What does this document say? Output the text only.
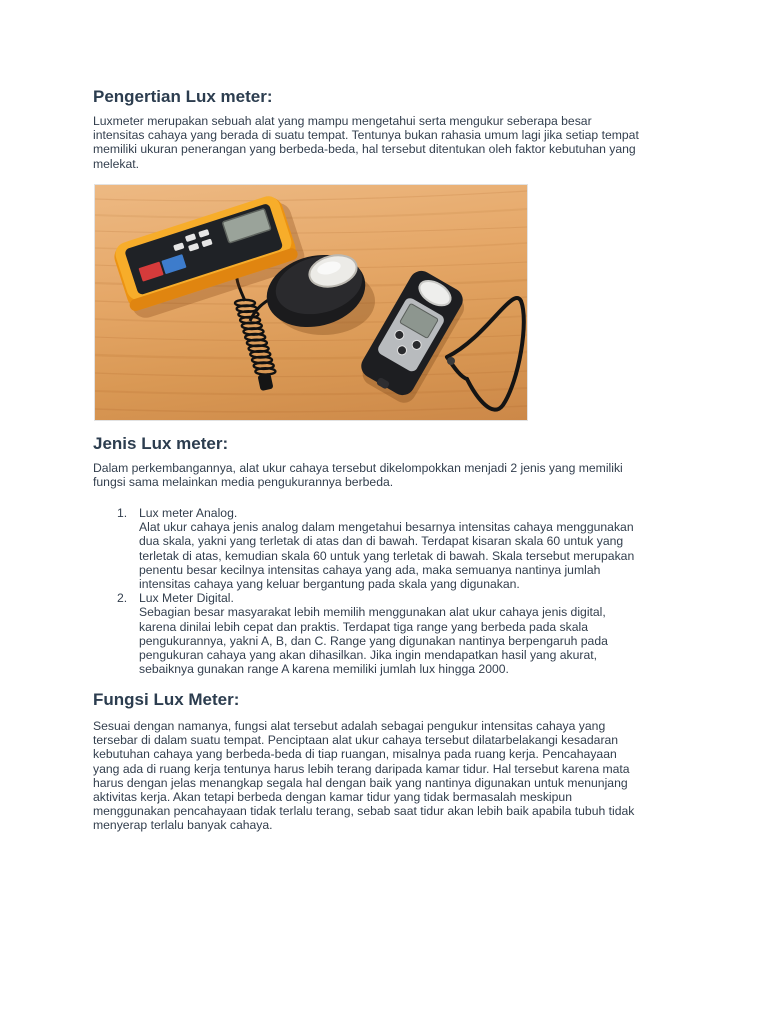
Pengertian Lux meter:
Luxmeter merupakan sebuah alat yang mampu mengetahui serta mengukur seberapa besar
intensitas cahaya yang berada di suatu tempat. Tentunya bukan rahasia umum lagi jika setiap tempat
memiliki ukuran penerangan yang berbeda-beda, hal tersebut ditentukan oleh faktor kebutuhan yang
melekat.
Jenis Lux meter:
Dalam perkembangannya, alat ukur cahaya tersebut dikelompokkan menjadi 2 jenis yang memiliki
fungsi sama melainkan media pengukurannya berbeda.
1. Lux meter Analog.
Alat ukur cahaya jenis analog dalam mengetahui besarnya intensitas cahaya menggunakan
dua skala, yakni yang terletak di atas dan di bawah. Terdapat kisaran skala 60 untuk yang
terletak di atas, kemudian skala 60 untuk yang terletak di bawah. Skala tersebut merupakan
penentu besar kecilnya intensitas cahaya yang ada, maka semuanya nantinya jumlah
intensitas cahaya yang keluar bergantung pada skala yang digunakan.
2. Lux Meter Digital.
Sebagian besar masyarakat lebih memilih menggunakan alat ukur cahaya jenis digital,
karena dinilai lebih cepat dan praktis. Terdapat tiga range yang berbeda pada skala
pengukurannya, yakni A, B, dan C. Range yang digunakan nantinya berpengaruh pada
pengukuran cahaya yang akan dihasilkan. Jika ingin mendapatkan hasil yang akurat,
sebaiknya gunakan range A karena memiliki jumlah lux hingga 2000.
Fungsi Lux Meter:
Sesuai dengan namanya, fungsi alat tersebut adalah sebagai pengukur intensitas cahaya yang
tersebar di dalam suatu tempat. Penciptaan alat ukur cahaya tersebut dilatarbelakangi kesadaran
kebutuhan cahaya yang berbeda-beda di tiap ruangan, misalnya pada ruang kerja. Pencahayaan
yang ada di ruang kerja tentunya harus lebih terang daripada kamar tidur. Hal tersebut karena mata
harus dengan jelas menangkap segala hal dengan baik yang nantinya digunakan untuk menunjang
aktivitas kerja. Akan tetapi berbeda dengan kamar tidur yang tidak bermasalah meskipun
menggunakan pencahayaan tidak terlalu terang, sebab saat tidur akan lebih baik apabila tubuh tidak
menyerap terlalu banyak cahaya.
